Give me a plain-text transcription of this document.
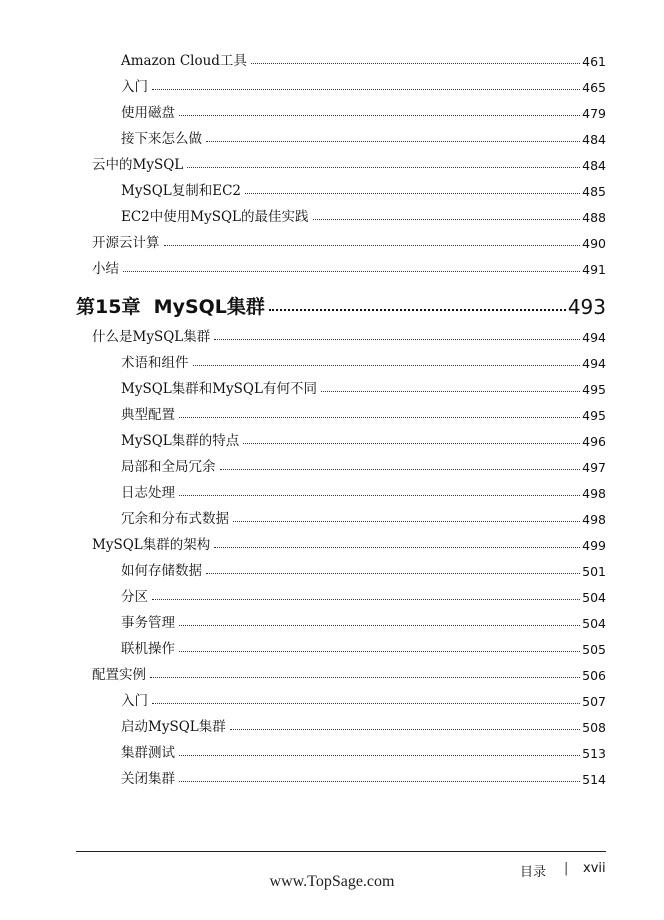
Amazon Cloud工具	461
入门	465
使用磁盘	479
接下来怎么做	484
云中的MySQL	484
MySQL复制和EC2	485
EC2中使用MySQL的最佳实践	488
开源云计算	490
小结	491
第15章  MySQL集群	493
什么是MySQL集群	494
术语和组件	494
MySQL集群和MySQL有何不同	495
典型配置	495
MySQL集群的特点	496
局部和全局冗余	497
日志处理	498
冗余和分布式数据	498
MySQL集群的架构	499
如何存储数据	501
分区	504
事务管理	504
联机操作	505
配置实例	506
入门	507
启动MySQL集群	508
集群测试	513
关闭集群	514
目录 | xvii
www.TopSage.com
